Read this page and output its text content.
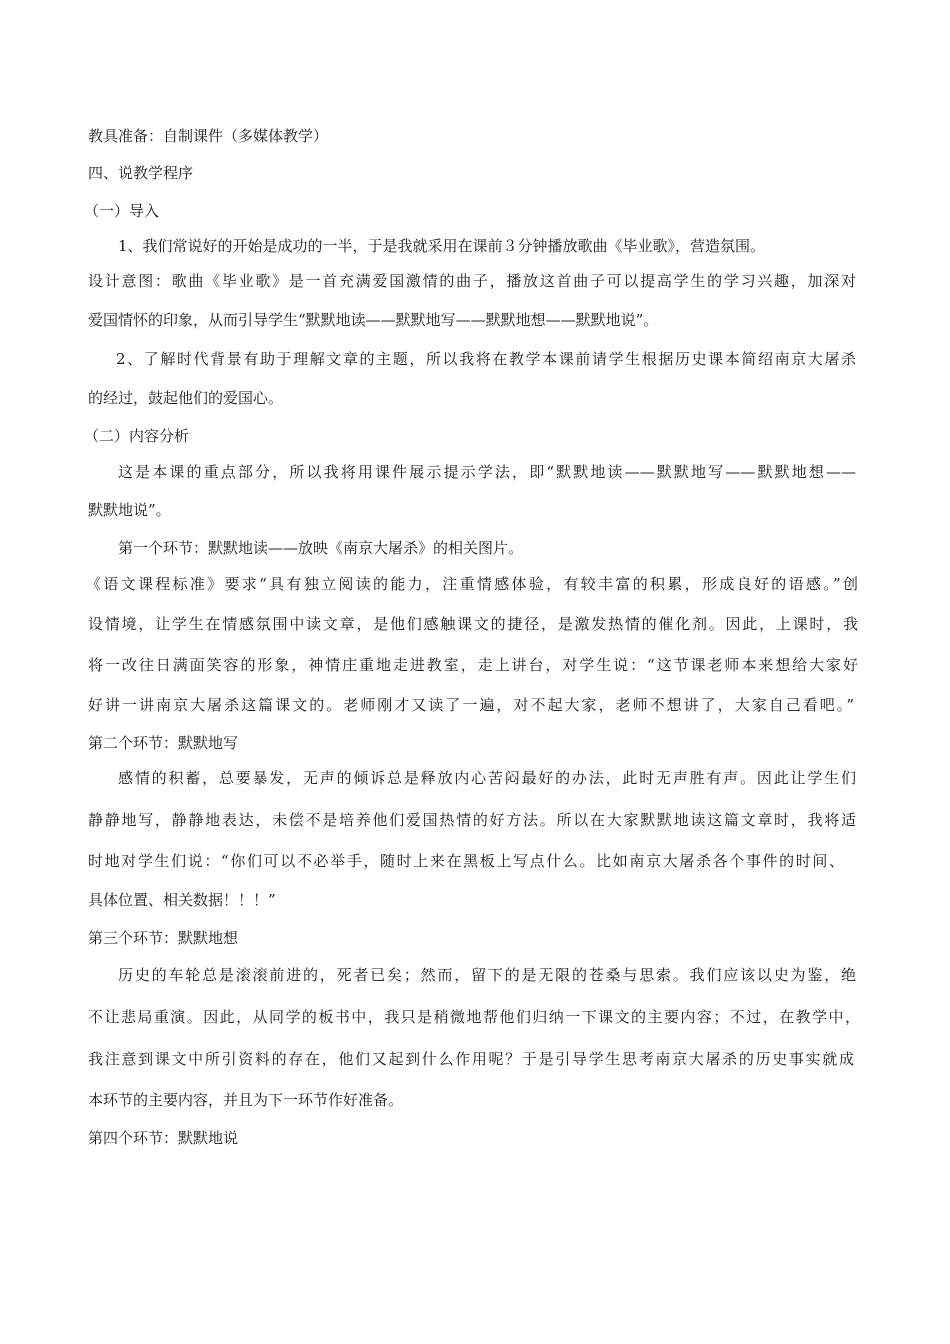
教具准备：自制课件（多媒体教学）
四、说教学程序
（一）导入
1、我们常说好的开始是成功的一半，于是我就采用在课前３分钟播放歌曲《毕业歌》，营造氛围。
设计意图：歌曲《毕业歌》是一首充满爱国激情的曲子，播放这首曲子可以提高学生的学习兴趣，加深对
爱国情怀的印象，从而引导学生“默默地读——默默地写——默默地想——默默地说”。
2、了解时代背景有助于理解文章的主题，所以我将在教学本课前请学生根据历史课本简绍南京大屠杀
的经过，鼓起他们的爱国心。
（二）内容分析
这是本课的重点部分，所以我将用课件展示提示学法，即“默默地读——默默地写——默默地想——
默默地说”。
第一个环节：默默地读——放映《南京大屠杀》的相关图片。
《语文课程标准》要求“具有独立阅读的能力，注重情感体验，有较丰富的积累，形成良好的语感。”创
设情境，让学生在情感氛围中读文章，是他们感触课文的捷径，是激发热情的催化剂。因此，上课时，我
将一改往日满面笑容的形象，神情庄重地走进教室，走上讲台，对学生说：“这节课老师本来想给大家好
好讲一讲南京大屠杀这篇课文的。老师刚才又读了一遍，对不起大家，老师不想讲了，大家自己看吧。”
第二个环节：默默地写
感情的积蓄，总要暴发，无声的倾诉总是释放内心苦闷最好的办法，此时无声胜有声。因此让学生们
静静地写，静静地表达，未偿不是培养他们爱国热情的好方法。所以在大家默默地读这篇文章时，我将适
时地对学生们说：“你们可以不必举手，随时上来在黑板上写点什么。比如南京大屠杀各个事件的时间、
具体位置、相关数据！！！”
第三个环节：默默地想
历史的车轮总是滚滚前进的，死者已矣；然而，留下的是无限的苍桑与思索。我们应该以史为鉴，绝
不让悲局重演。因此，从同学的板书中，我只是稍微地帮他们归纳一下课文的主要内容；不过，在教学中，
我注意到课文中所引资料的存在，他们又起到什么作用呢？于是引导学生思考南京大屠杀的历史事实就成
本环节的主要内容，并且为下一环节作好准备。
第四个环节：默默地说
